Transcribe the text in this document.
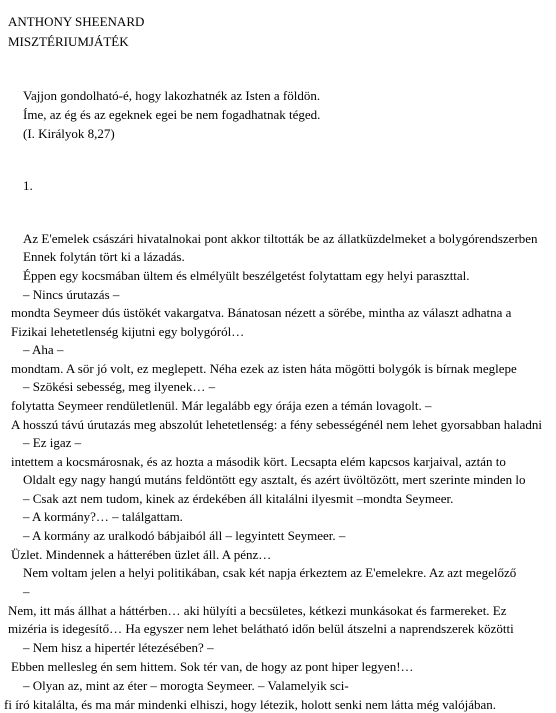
ANTHONY SHEENARD
MISZTÉRIUMJÁTÉK
Vajjon gondolható-é, hogy lakozhatnék az Isten a földön.
Íme, az ég és az egeknek egei be nem fogadhatnak téged.
(I. Királyok 8,27)
1.
Az E'emelek császári hivatalnokai pont akkor tiltották be az állatküzdelmeket a bolygórendszerben
Ennek folytán tört ki a lázadás.
Éppen egy kocsmában ültem és elmélyült beszélgetést folytattam egy helyi paraszttal.
– Nincs úrutazás –
mondta Seymeer dús üstökét vakargatva. Bánatosan nézett a sörébe, mintha az választ adhatna a
Fizikai lehetetlenség kijutni egy bolygóról…
– Aha –
mondtam. A sör jó volt, ez meglepett. Néha ezek az isten háta mögötti bolygók is bírnak meglepe
– Szökési sebesség, meg ilyenek… –
folytatta Seymeer rendületlenül. Már legalább egy órája ezen a témán lovagolt. –
A hosszú távú úrutazás meg abszolút lehetetlenség: a fény sebességénél nem lehet gyorsabban haladni
– Ez igaz –
intettem a kocsmárosnak, és az hozta a második kört. Lecsapta elém kapcsos karjaival, aztán to
Oldalt egy nagy hangú mutáns feldöntött egy asztalt, és azért üvöltözött, mert szerinte minden lo
– Csak azt nem tudom, kinek az érdekében áll kitalálni ilyesmit –mondta Seymeer.
– A kormány?… – találgattam.
– A kormány az uralkodó bábjaiból áll – legyintett Seymeer. –
Üzlet. Mindennek a hátterében üzlet áll. A pénz…
Nem voltam jelen a helyi politikában, csak két napja érkeztem az E'emelekre. Az azt megelőző
–
Nem, itt más állhat a háttérben… aki hülyíti a becsületes, kétkezi munkásokat és farmereket. Ez
mizéria is idegesítő… Ha egyszer nem lehet belátható időn belül átszelni a naprendszerek közötti
– Nem hisz a hipertér létezésében? –
Ebben mellesleg én sem hittem. Sok tér van, de hogy az pont hiper legyen!…
– Olyan az, mint az éter – morogta Seymeer. – Valamelyik sci-
fi író kitalálta, és ma már mindenki elhiszi, hogy létezik, holott senki nem látta még valójában.
